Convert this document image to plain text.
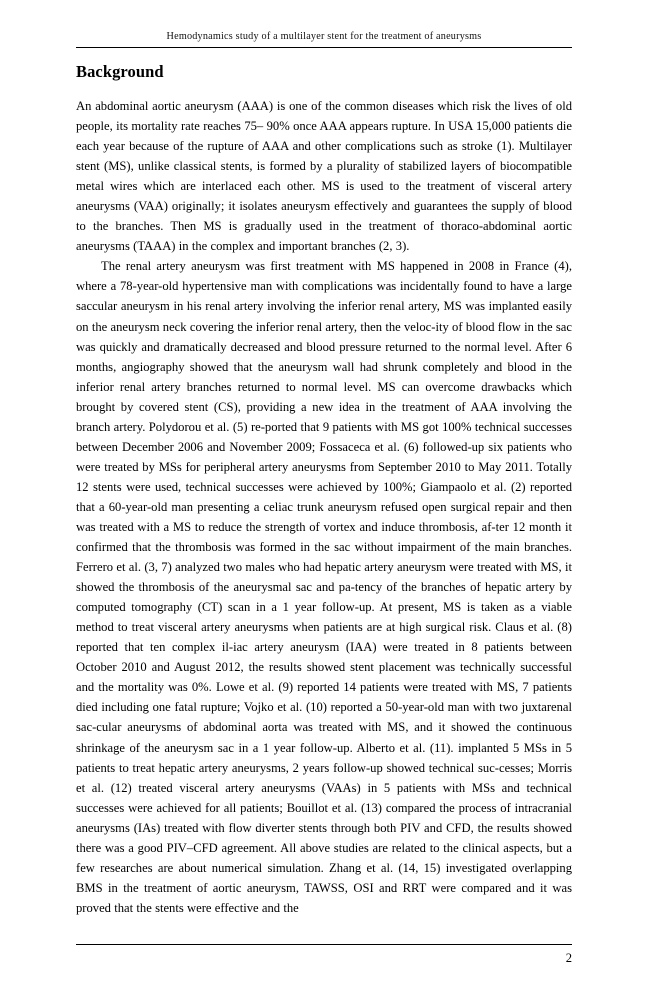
Hemodynamics study of a multilayer stent for the treatment of aneurysms
Background

An abdominal aortic aneurysm (AAA) is one of the common diseases which risk the lives of old people, its mortality rate reaches 75– 90% once AAA appears rupture. In USA 15,000 patients die each year because of the rupture of AAA and other complications such as stroke (1). Multilayer stent (MS), unlike classical stents, is formed by a plurality of stabilized layers of biocompatible metal wires which are interlaced each other. MS is used to the treatment of visceral artery aneurysms (VAA) originally; it isolates aneurysm effectively and guarantees the supply of blood to the branches. Then MS is gradually used in the treatment of thoraco-abdominal aortic aneurysms (TAAA) in the complex and important branches (2, 3).

The renal artery aneurysm was first treatment with MS happened in 2008 in France (4), where a 78-year-old hypertensive man with complications was incidentally found to have a large saccular aneurysm in his renal artery involving the inferior renal artery, MS was implanted easily on the aneurysm neck covering the inferior renal artery, then the veloc-ity of blood flow in the sac was quickly and dramatically decreased and blood pressure returned to the normal level. After 6 months, angiography showed that the aneurysm wall had shrunk completely and blood in the inferior renal artery branches returned to normal level. MS can overcome drawbacks which brought by covered stent (CS), providing a new idea in the treatment of AAA involving the branch artery. Polydorou et al. (5) re-ported that 9 patients with MS got 100% technical successes between December 2006 and November 2009; Fossaceca et al. (6) followed-up six patients who were treated by MSs for peripheral artery aneurysms from September 2010 to May 2011. Totally 12 stents were used, technical successes were achieved by 100%; Giampaolo et al. (2) reported that a 60-year-old man presenting a celiac trunk aneurysm refused open surgical repair and then was treated with a MS to reduce the strength of vortex and induce thrombosis, af-ter 12 month it confirmed that the thrombosis was formed in the sac without impairment of the main branches. Ferrero et al. (3, 7) analyzed two males who had hepatic artery aneurysm were treated with MS, it showed the thrombosis of the aneurysmal sac and pa-tency of the branches of hepatic artery by computed tomography (CT) scan in a 1 year follow-up. At present, MS is taken as a viable method to treat visceral artery aneurysms when patients are at high surgical risk. Claus et al. (8) reported that ten complex il-iac artery aneurysm (IAA) were treated in 8 patients between October 2010 and August 2012, the results showed stent placement was technically successful and the mortality was 0%. Lowe et al. (9) reported 14 patients were treated with MS, 7 patients died including one fatal rupture; Vojko et al. (10) reported a 50-year-old man with two juxtarenal sac-cular aneurysms of abdominal aorta was treated with MS, and it showed the continuous shrinkage of the aneurysm sac in a 1 year follow-up. Alberto et al. (11). implanted 5 MSs in 5 patients to treat hepatic artery aneurysms, 2 years follow-up showed technical suc-cesses; Morris et al. (12) treated visceral artery aneurysms (VAAs) in 5 patients with MSs and technical successes were achieved for all patients; Bouillot et al. (13) compared the process of intracranial aneurysms (IAs) treated with flow diverter stents through both PIV and CFD, the results showed there was a good PIV–CFD agreement. All above studies are related to the clinical aspects, but a few researches are about numerical simulation. Zhang et al. (14, 15) investigated overlapping BMS in the treatment of aortic aneurysm, TAWSS, OSI and RRT were compared and it was proved that the stents were effective and the

2
